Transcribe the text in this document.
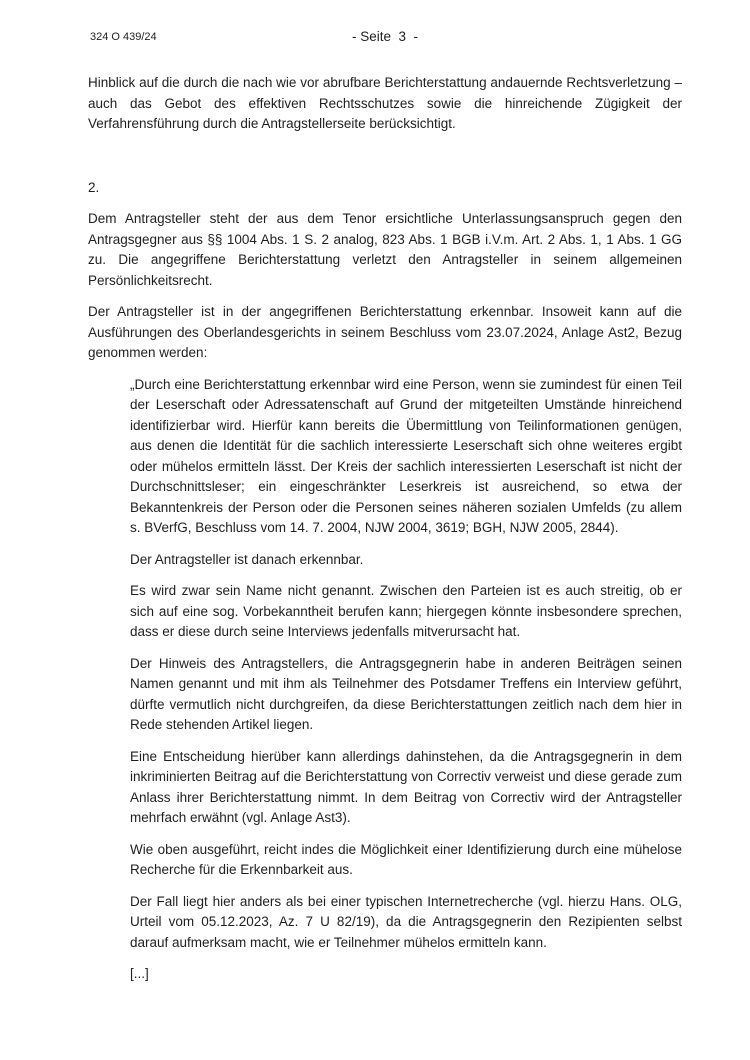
324 O 439/24	- Seite  3  -

Hinblick auf die durch die nach wie vor abrufbare Berichterstattung andauernde Rechtsverletzung – auch das Gebot des effektiven Rechtsschutzes sowie die hinreichende Zügigkeit der Verfahrensführung durch die Antragstellerseite berücksichtigt.

2.

Dem Antragsteller steht der aus dem Tenor ersichtliche Unterlassungsanspruch gegen den Antragsgegner aus §§ 1004 Abs. 1 S. 2 analog, 823 Abs. 1 BGB i.V.m. Art. 2 Abs. 1, 1 Abs. 1 GG zu. Die angegriffene Berichterstattung verletzt den Antragsteller in seinem allgemeinen Persönlichkeitsrecht.

Der Antragsteller ist in der angegriffenen Berichterstattung erkennbar. Insoweit kann auf die Ausführungen des Oberlandesgerichts in seinem Beschluss vom 23.07.2024, Anlage Ast2, Bezug genommen werden:

„Durch eine Berichterstattung erkennbar wird eine Person, wenn sie zumindest für einen Teil der Leserschaft oder Adressatenschaft auf Grund der mitgeteilten Umstände hinreichend identifizierbar wird. Hierfür kann bereits die Übermittlung von Teilinformationen genügen, aus denen die Identität für die sachlich interessierte Leserschaft sich ohne weiteres ergibt oder mühelos ermitteln lässt. Der Kreis der sachlich interessierten Leserschaft ist nicht der Durchschnittsleser; ein eingeschränkter Leserkreis ist ausreichend, so etwa der Bekanntenkreis der Person oder die Personen seines näheren sozialen Umfelds (zu allem s. BVerfG, Beschluss vom 14. 7. 2004, NJW 2004, 3619; BGH, NJW 2005, 2844).

Der Antragsteller ist danach erkennbar.

Es wird zwar sein Name nicht genannt. Zwischen den Parteien ist es auch streitig, ob er sich auf eine sog. Vorbekanntheit berufen kann; hiergegen könnte insbesondere sprechen, dass er diese durch seine Interviews jedenfalls mitverursacht hat.

Der Hinweis des Antragstellers, die Antragsgegnerin habe in anderen Beiträgen seinen Namen genannt und mit ihm als Teilnehmer des Potsdamer Treffens ein Interview geführt, dürfte vermutlich nicht durchgreifen, da diese Berichterstattungen zeitlich nach dem hier in Rede stehenden Artikel liegen.

Eine Entscheidung hierüber kann allerdings dahinstehen, da die Antragsgegnerin in dem inkriminierten Beitrag auf die Berichterstattung von Correctiv verweist und diese gerade zum Anlass ihrer Berichterstattung nimmt. In dem Beitrag von Correctiv wird der Antragsteller mehrfach erwähnt (vgl. Anlage Ast3).

Wie oben ausgeführt, reicht indes die Möglichkeit einer Identifizierung durch eine mühelose Recherche für die Erkennbarkeit aus.

Der Fall liegt hier anders als bei einer typischen Internetrecherche (vgl. hierzu Hans. OLG, Urteil vom 05.12.2023, Az. 7 U 82/19), da die Antragsgegnerin den Rezipienten selbst darauf aufmerksam macht, wie er Teilnehmer mühelos ermitteln kann.

[...]
